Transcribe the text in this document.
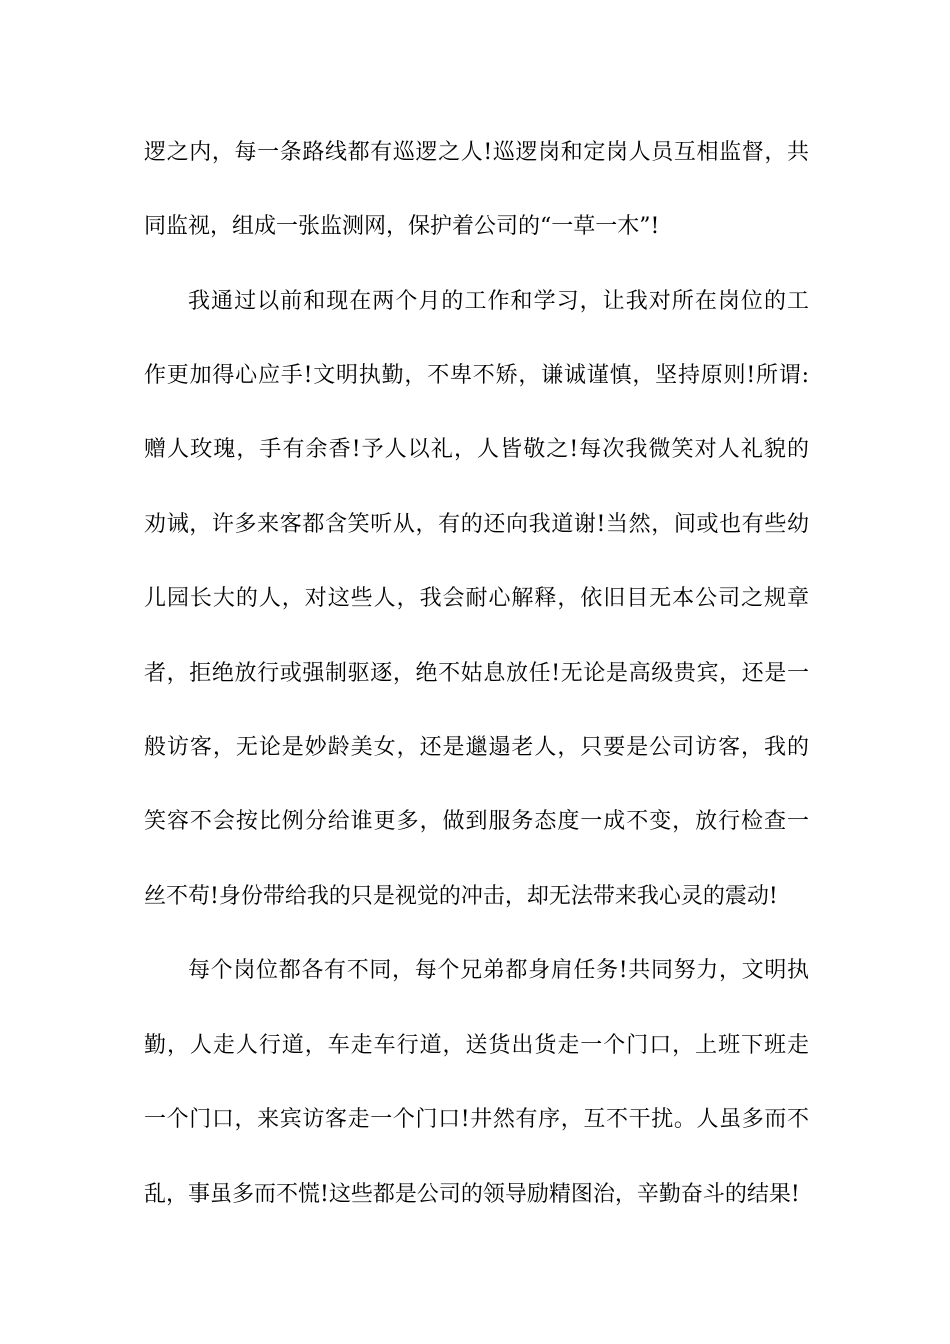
逻之内，每一条路线都有巡逻之人!巡逻岗和定岗人员互相监督，共
同监视，组成一张监测网，保护着公司的“一草一木”!
我通过以前和现在两个月的工作和学习，让我对所在岗位的工
作更加得心应手!文明执勤，不卑不矫，谦诚谨慎，坚持原则!所谓:
赠人玫瑰，手有余香!予人以礼，人皆敬之!每次我微笑对人礼貌的
劝诫，许多来客都含笑听从，有的还向我道谢!当然，间或也有些幼
儿园长大的人，对这些人，我会耐心解释，依旧目无本公司之规章
者，拒绝放行或强制驱逐，绝不姑息放任!无论是高级贵宾，还是一
般访客，无论是妙龄美女，还是邋遢老人，只要是公司访客，我的
笑容不会按比例分给谁更多，做到服务态度一成不变，放行检查一
丝不苟!身份带给我的只是视觉的冲击，却无法带来我心灵的震动!
每个岗位都各有不同，每个兄弟都身肩任务!共同努力，文明执
勤，人走人行道，车走车行道，送货出货走一个门口，上班下班走
一个门口，来宾访客走一个门口!井然有序，互不干扰。人虽多而不
乱，事虽多而不慌!这些都是公司的领导励精图治，辛勤奋斗的结果!
